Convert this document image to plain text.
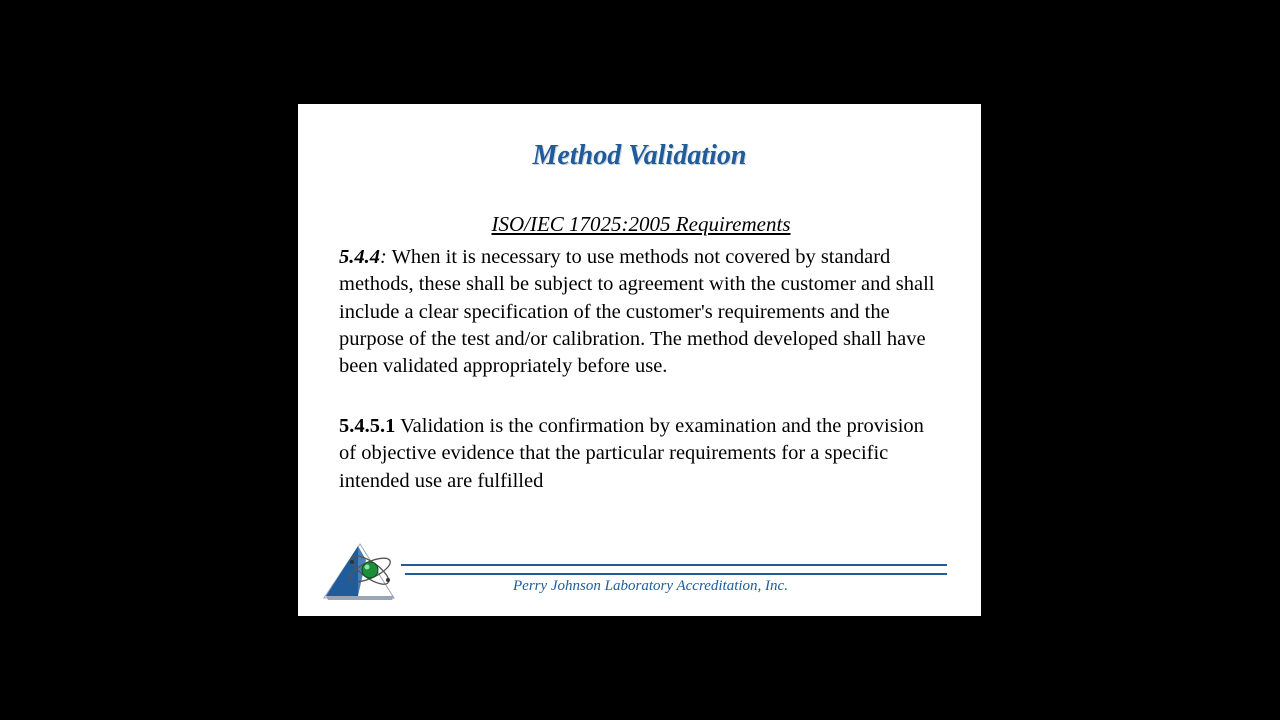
Method Validation
ISO/IEC 17025:2005 Requirements
5.4.4: When it is necessary to use methods not covered by standard methods, these shall be subject to agreement with the customer and shall include a clear specification of the customer's requirements and the purpose of the test and/or calibration. The method developed shall have been validated appropriately before use.
5.4.5.1 Validation is the confirmation by examination and the provision of objective evidence that the particular requirements for a specific intended use are fulfilled
Perry Johnson Laboratory Accreditation, Inc.
